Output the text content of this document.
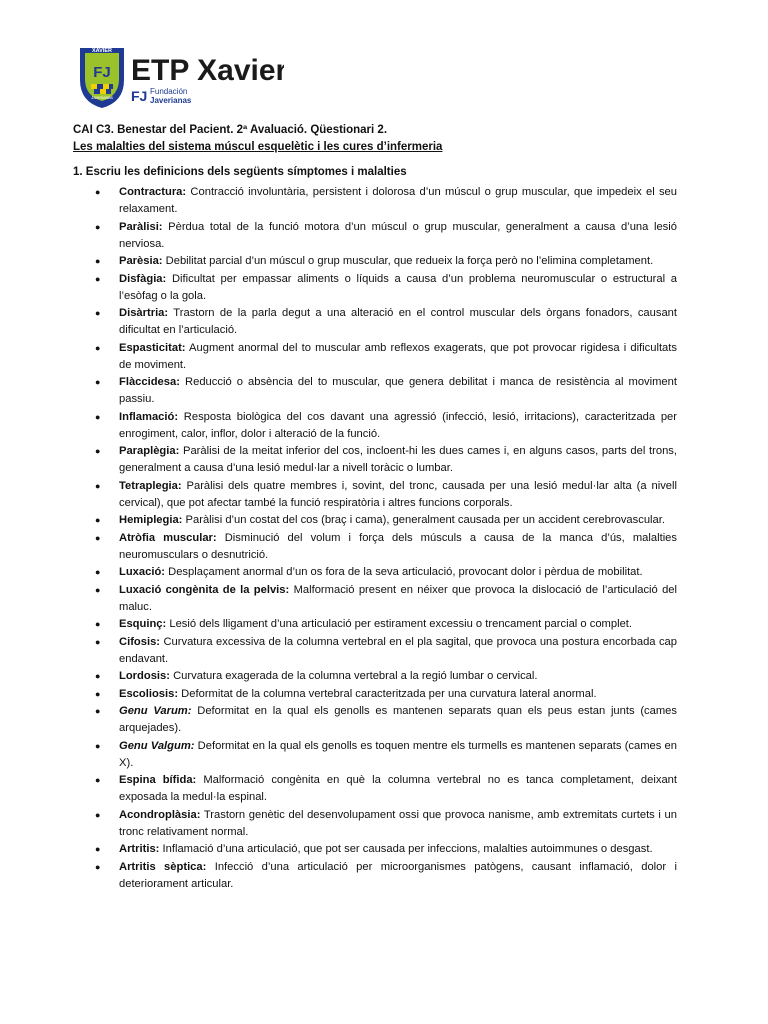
XAVIER
FJ
Javerianas
ETP Xavier
FJ Fundación
Javerianas
CAI C3. Benestar del Pacient. 2ª Avaluació. Qüestionari 2.
Les malalties del sistema múscul esquelètic i les cures d’infermeria
1. Escriu les definicions dels següents símptomes i malalties
● Contractura: Contracció involuntària, persistent i dolorosa d’un múscul o grup muscular, que impedeix el seu relaxament.
● Paràlisi: Pèrdua total de la funció motora d’un múscul o grup muscular, generalment a causa d’una lesió nerviosa.
● Parèsia: Debilitat parcial d’un múscul o grup muscular, que redueix la força però no l’elimina completament.
● Disfàgia: Dificultat per empassar aliments o líquids a causa d’un problema neuromuscular o estructural a l’esòfag o la gola.
● Disàrtria: Trastorn de la parla degut a una alteració en el control muscular dels òrgans fonadors, causant dificultat en l’articulació.
● Espasticitat: Augment anormal del to muscular amb reflexos exagerats, que pot provocar rigidesa i dificultats de moviment.
● Flàccidesa: Reducció o absència del to muscular, que genera debilitat i manca de resistència al moviment passiu.
● Inflamació: Resposta biològica del cos davant una agressió (infecció, lesió, irritacions), caracteritzada per enrogiment, calor, inflor, dolor i alteració de la funció.
● Paraplègia: Paràlisi de la meitat inferior del cos, incloent-hi les dues cames i, en alguns casos, parts del trons, generalment a causa d’una lesió medul·lar a nivell toràcic o lumbar.
● Tetraplegia: Paràlisi dels quatre membres i, sovint, del tronc, causada per una lesió medul·lar alta (a nivell cervical), que pot afectar també la funció respiratòria i altres funcions corporals.
● Hemiplegia: Paràlisi d’un costat del cos (braç i cama), generalment causada per un accident cerebrovascular.
● Atròfia muscular: Disminució del volum i força dels músculs a causa de la manca d’ús, malalties neuromusculars o desnutrició.
● Luxació: Desplaçament anormal d’un os fora de la seva articulació, provocant dolor i pèrdua de mobilitat.
● Luxació congènita de la pelvis: Malformació present en néixer que provoca la dislocació de l’articulació del maluc.
● Esquinç: Lesió dels lligament d’una articulació per estirament excessiu o trencament parcial o complet.
● Cifosis: Curvatura excessiva de la columna vertebral en el pla sagital, que provoca una postura encorbada cap endavant.
● Lordosis: Curvatura exagerada de la columna vertebral a la regió lumbar o cervical.
● Escoliosis: Deformitat de la columna vertebral caracteritzada per una curvatura lateral anormal.
● Genu Varum: Deformitat en la qual els genolls es mantenen separats quan els peus estan junts (cames arquejades).
● Genu Valgum: Deformitat en la qual els genolls es toquen mentre els turmells es mantenen separats (cames en X).
● Espina bífida: Malformació congènita en què la columna vertebral no es tanca completament, deixant exposada la medul·la espinal.
● Acondroplàsia: Trastorn genètic del desenvolupament ossi que provoca nanisme, amb extremitats curtets i un tronc relativament normal.
● Artritis: Inflamació d’una articulació, que pot ser causada per infeccions, malalties autoimmunes o desgast.
● Artritis sèptica: Infecció d’una articulació per microorganismes patògens, causant inflamació, dolor i deteriorament articular.
